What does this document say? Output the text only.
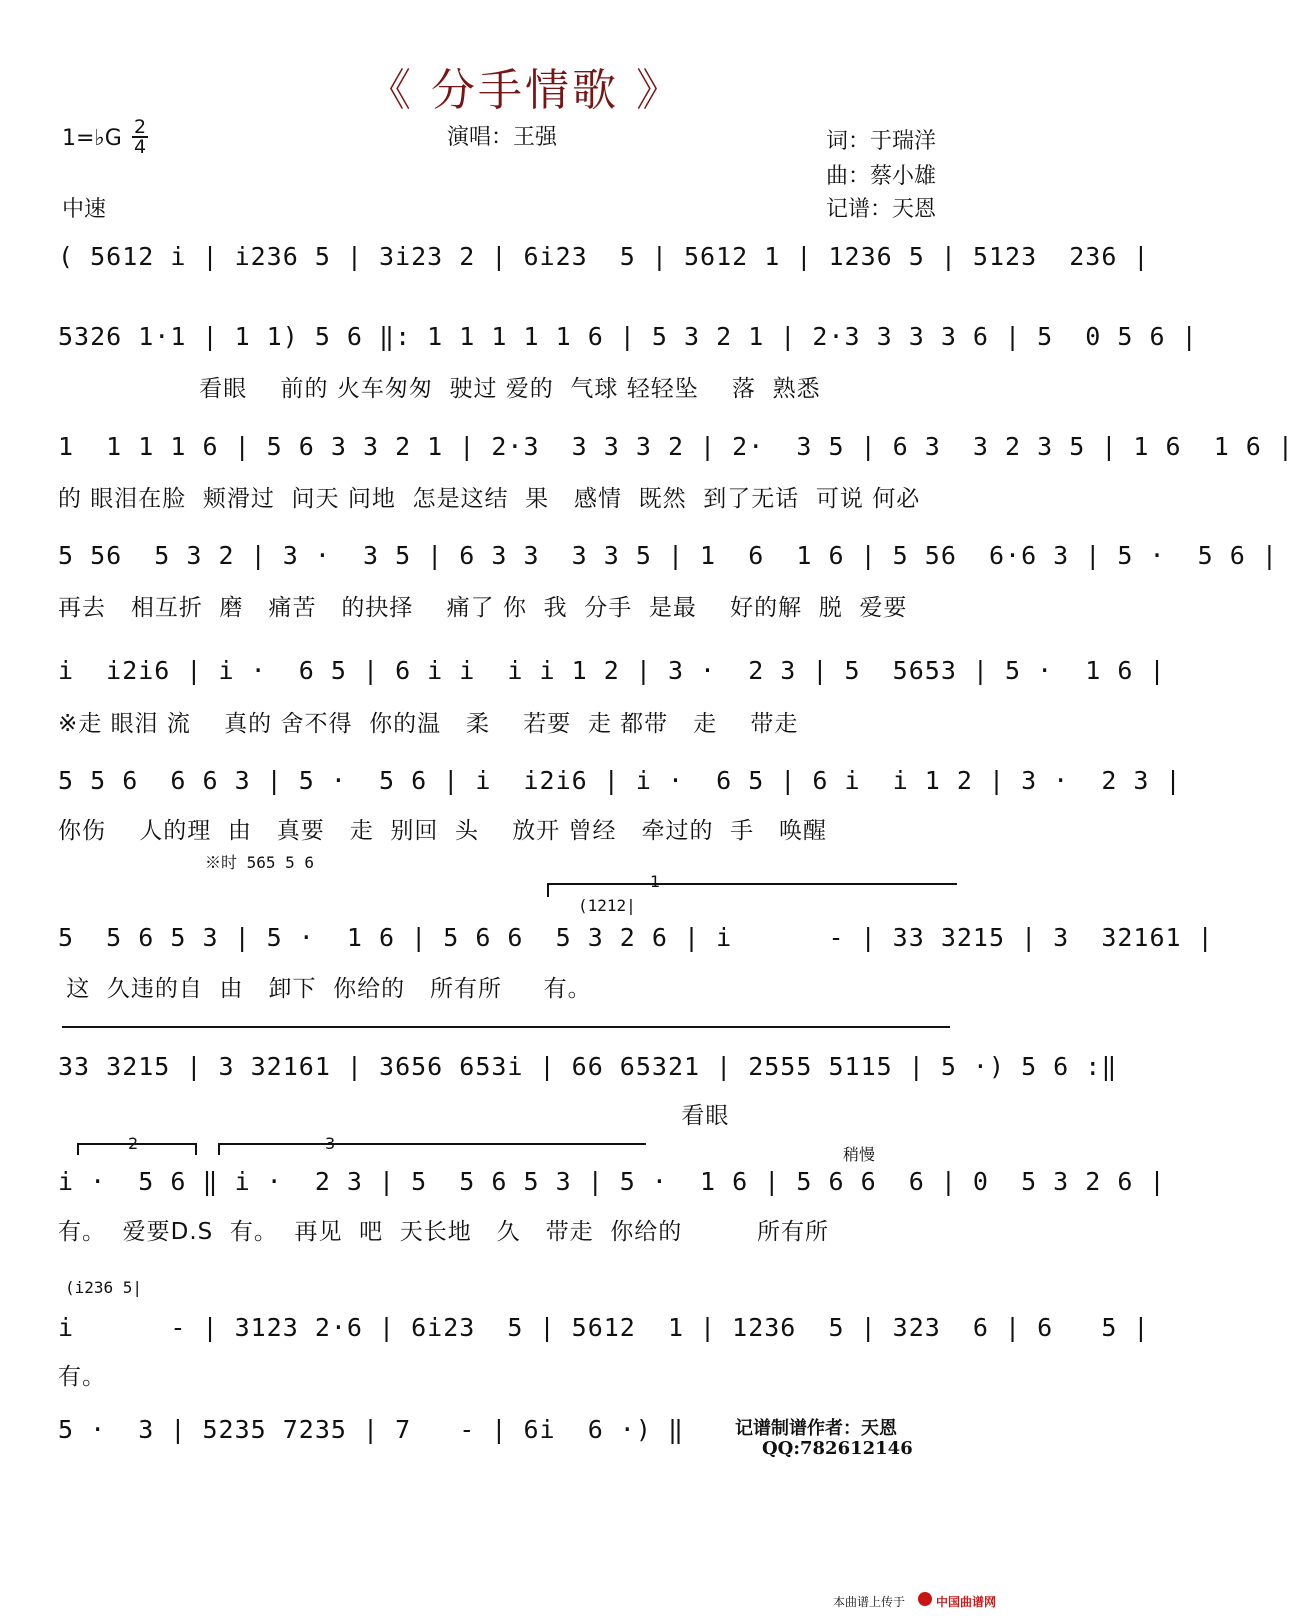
《 分手情歌 》
1=♭G 2
4	演唱：王强	词：于瑞洋
曲：蔡小雄
记谱：天恩
中速
( 5612 i | i236 5 | 3i23 2 | 6i23  5 | 5612 1 | 1236 5 | 5123  236 |
5326 1·1 | 1 1) 5 6 ‖: 1 1 1 1 1 6 | 5 3 2 1 | 2·3 3 3 3 6 | 5  0 5 6 |
看眼    前的 火车匆匆  驶过 爱的  气球 轻轻坠    落  熟悉
1  1 1 1 6 | 5 6 3 3 2 1 | 2·3  3 3 3 2 | 2·  3 5 | 6 3  3 2 3 5 | 1 6  1 6 |
的 眼泪在脸  颊滑过  问天 问地  怎是这结  果   感情  既然  到了无话  可说 何必
5 56  5 3 2 | 3 ·  3 5 | 6 3 3  3 3 5 | 1  6  1 6 | 5 56  6·6 3 | 5 ·  5 6 |
再去   相互折  磨   痛苦   的抉择    痛了 你  我  分手  是最    好的解  脱  爱要
i  i2i6 | i ·  6 5 | 6 i i  i i 1 2 | 3 ·  2 3 | 5  5653 | 5 ·  1 6 |
※走 眼泪 流    真的 舍不得  你的温   柔    若要  走 都带   走    带走
5 5 6  6 6 3 | 5 ·  5 6 | i  i2i6 | i ·  6 5 | 6 i  i 1 2 | 3 ·  2 3 |
你伤    人的理  由   真要   走  别回  头    放开 曾经   牵过的  手   唤醒
※时 565 5 6
1
(1212|
5  5 6 5 3 | 5 ·  1 6 | 5 6 6  5 3 2 6 | i      - | 33 3215 | 3  32161 |
这  久违的自  由   卸下  你给的   所有所     有。
33 3215 | 3 32161 | 3656 653i | 66 65321 | 2555 5115 | 5 ·) 5 6 :‖
看眼
2	3
稍慢
i ·  5 6 ‖ i ·  2 3 | 5  5 6 5 3 | 5 ·  1 6 | 5 6 6  6 | 0  5 3 2 6 |
有。  爱要D.S  有。  再见  吧  天长地   久   带走  你给的         所有所
(i236 5|
i      - | 3123 2·6 | 6i23  5 | 5612  1 | 1236  5 | 323  6 | 6   5 |
有。
5 ·  3 | 5235 7235 | 7   - | 6i  6 ·) ‖	记谱制谱作者：天恩
QQ:782612146
本曲谱上传于	中国曲谱网
